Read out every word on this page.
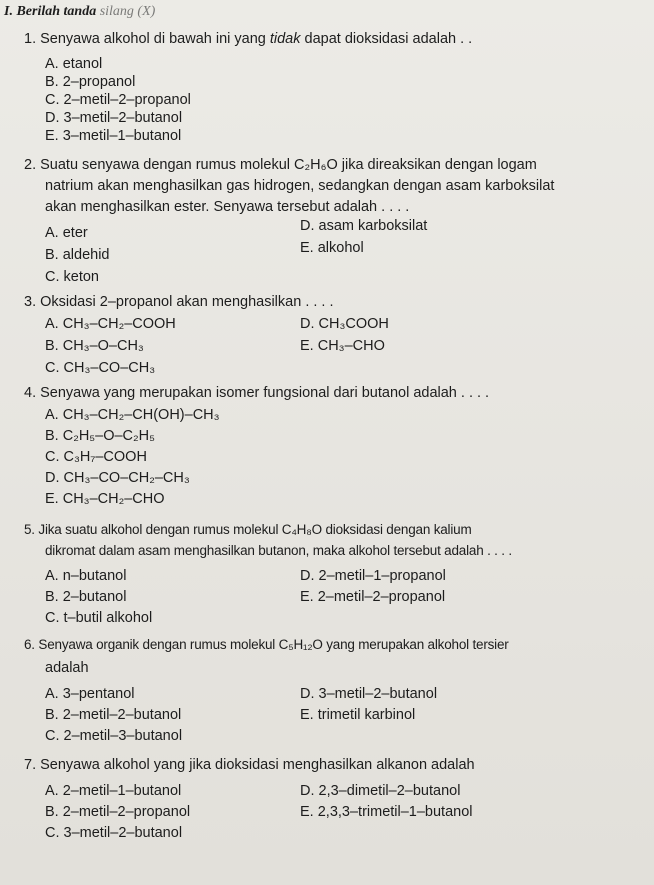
I. Berilah tanda silang (X)
1. Senyawa alkohol di bawah ini yang tidak dapat dioksidasi adalah . .
A. etanol
B. 2–propanol
C. 2–metil–2–propanol
D. 3–metil–2–butanol
E. 3–metil–1–butanol
2. Suatu senyawa dengan rumus molekul C₂H₆O jika direaksikan dengan logam
natrium akan menghasilkan gas hidrogen, sedangkan dengan asam karboksilat
akan menghasilkan ester. Senyawa tersebut adalah . . . .
A. eter
B. aldehid
C. keton
D. asam karboksilat
E. alkohol
3. Oksidasi 2–propanol akan menghasilkan . . . .
A. CH₃–CH₂–COOH
B. CH₃–O–CH₃
C. CH₃–CO–CH₃
D. CH₃COOH
E. CH₃–CHO
4. Senyawa yang merupakan isomer fungsional dari butanol adalah . . . .
A. CH₃–CH₂–CH(OH)–CH₃
B. C₂H₅–O–C₂H₅
C. C₃H₇–COOH
D. CH₃–CO–CH₂–CH₃
E. CH₃–CH₂–CHO
5. Jika suatu alkohol dengan rumus molekul C₄H₈O dioksidasi dengan kalium
dikromat dalam asam menghasilkan butanon, maka alkohol tersebut adalah . . . .
A. n–butanol
B. 2–butanol
C. t–butil alkohol
D. 2–metil–1–propanol
E. 2–metil–2–propanol
6. Senyawa organik dengan rumus molekul C₅H₁₂O yang merupakan alkohol tersier
adalah
A. 3–pentanol
B. 2–metil–2–butanol
C. 2–metil–3–butanol
D. 3–metil–2–butanol
E. trimetil karbinol
7. Senyawa alkohol yang jika dioksidasi menghasilkan alkanon adalah
A. 2–metil–1–butanol
B. 2–metil–2–propanol
C. 3–metil–2–butanol
D. 2,3–dimetil–2–butanol
E. 2,3,3–trimetil–1–butanol
